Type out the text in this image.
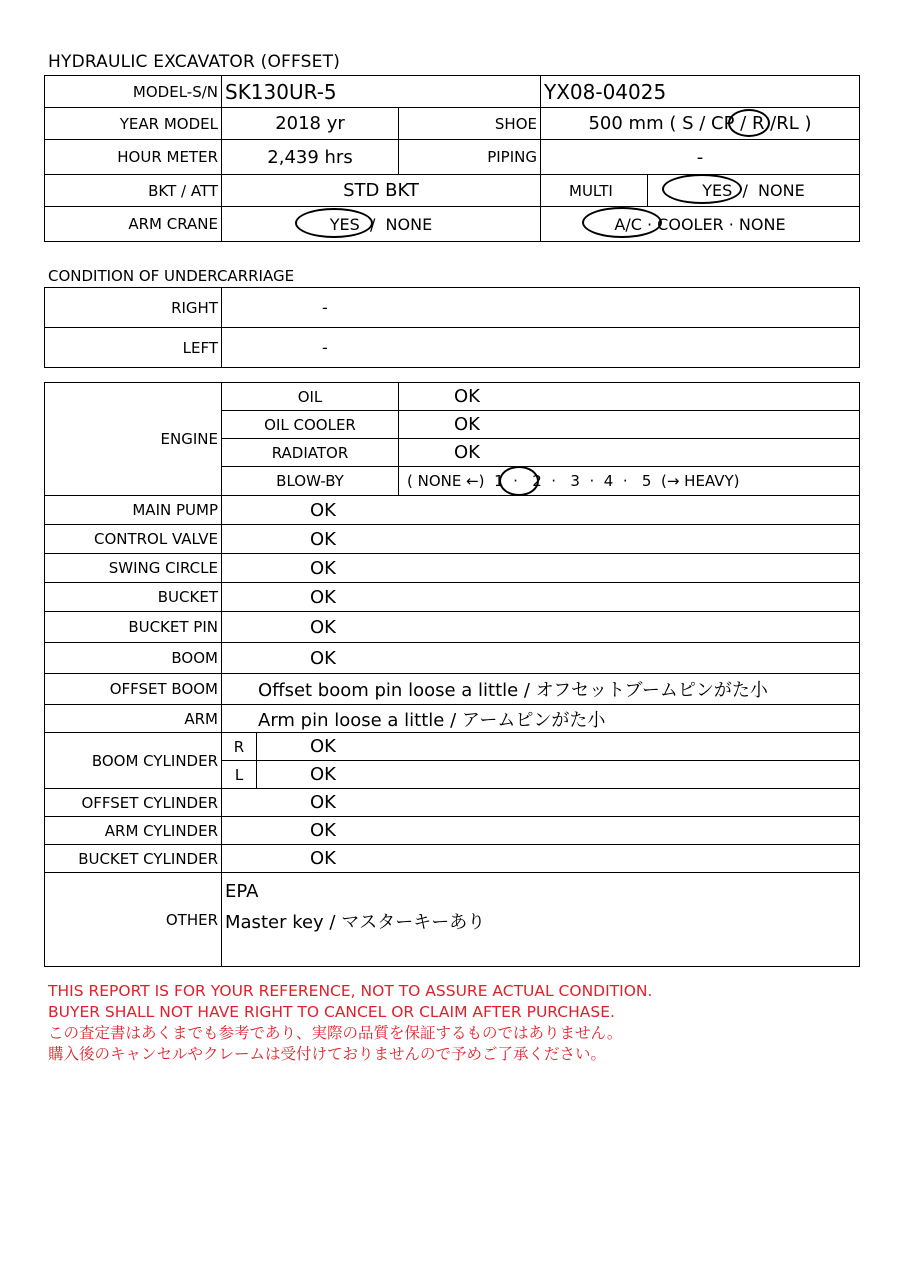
HYDRAULIC EXCAVATOR (OFFSET)
MODEL-S/N	SK130UR-5		YX08-04025	
YEAR MODEL	2018 yr	SHOE	500 mm ( S / CP / R /RL )	
HOUR METER	2,439 hrs	PIPING	-	
BKT / ATT	STD BKT		MULTI	YES  /  NONE
ARM CRANE	YES  /  NONE		A/C · COOLER · NONE	
CONDITION OF UNDERCARRIAGE
RIGHT	-
LEFT	-
ENGINE	OIL		OK
	OIL COOLER		OK
	RADIATOR		OK
	BLOW-BY		( NONE ←)  1  ·   2  ·   3  ·  4  ·   5  (→ HEAVY)
MAIN PUMP	OK		
CONTROL VALVE	OK		
SWING CIRCLE	OK		
BUCKET	OK		
BUCKET PIN	OK		
BOOM	OK		
OFFSET BOOM	Offset boom pin loose a little / オフセットブームピンがた小		
ARM	Arm pin loose a little / アームピンがた小		
BOOM CYLINDER	R	OK	
	L	OK	
OFFSET CYLINDER	OK		
ARM CYLINDER	OK		
BUCKET CYLINDER	OK		
OTHER	EPA
Master key / マスターキーあり		
THIS REPORT IS FOR YOUR REFERENCE, NOT TO ASSURE ACTUAL CONDITION.
BUYER SHALL NOT HAVE RIGHT TO CANCEL OR CLAIM AFTER PURCHASE.
この査定書はあくまでも参考であり、実際の品質を保証するものではありません。
購入後のキャンセルやクレームは受付けておりませんので予めご了承ください。
